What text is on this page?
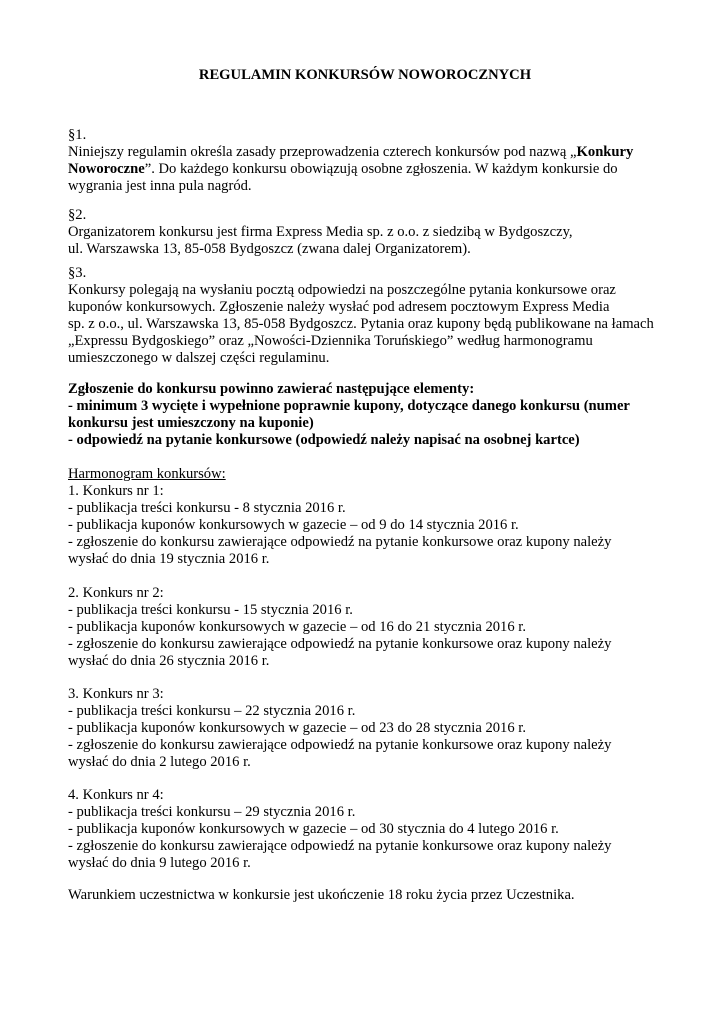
REGULAMIN KONKURSÓW NOWOROCZNYCH
§1.
Niniejszy regulamin określa zasady przeprowadzenia czterech konkursów pod nazwą „Konkury
Noworoczne”. Do każdego konkursu obowiązują osobne zgłoszenia. W każdym konkursie do
wygrania jest inna pula nagród.
§2.
Organizatorem konkursu jest firma Express Media sp. z o.o. z siedzibą w Bydgoszczy,
ul. Warszawska 13, 85-058 Bydgoszcz (zwana dalej Organizatorem).
§3.
Konkursy polegają na wysłaniu pocztą odpowiedzi na poszczególne pytania konkursowe oraz
kuponów konkursowych. Zgłoszenie należy wysłać pod adresem pocztowym Express Media
sp. z o.o., ul. Warszawska 13, 85-058 Bydgoszcz. Pytania oraz kupony będą publikowane na łamach
„Expressu Bydgoskiego” oraz „Nowości-Dziennika Toruńskiego” według harmonogramu
umieszczonego w dalszej części regulaminu.
Zgłoszenie do konkursu powinno zawierać następujące elementy:
- minimum 3 wycięte i wypełnione poprawnie kupony, dotyczące danego konkursu (numer
konkursu jest umieszczony na kuponie)
- odpowiedź na pytanie konkursowe (odpowiedź należy napisać na osobnej kartce)
Harmonogram konkursów:
1. Konkurs nr 1:
- publikacja treści konkursu - 8 stycznia 2016 r.
- publikacja kuponów konkursowych w gazecie – od 9 do 14 stycznia 2016 r.
- zgłoszenie do konkursu zawierające odpowiedź na pytanie konkursowe oraz kupony należy
wysłać do dnia 19 stycznia 2016 r.
2. Konkurs nr 2:
- publikacja treści konkursu - 15 stycznia 2016 r.
- publikacja kuponów konkursowych w gazecie – od 16 do 21 stycznia 2016 r.
- zgłoszenie do konkursu zawierające odpowiedź na pytanie konkursowe oraz kupony należy
wysłać do dnia 26 stycznia 2016 r.
3. Konkurs nr 3:
- publikacja treści konkursu – 22 stycznia 2016 r.
- publikacja kuponów konkursowych w gazecie – od 23 do 28 stycznia 2016 r.
- zgłoszenie do konkursu zawierające odpowiedź na pytanie konkursowe oraz kupony należy
wysłać do dnia 2 lutego 2016 r.
4. Konkurs nr 4:
- publikacja treści konkursu – 29 stycznia 2016 r.
- publikacja kuponów konkursowych w gazecie – od 30 stycznia do 4 lutego 2016 r.
- zgłoszenie do konkursu zawierające odpowiedź na pytanie konkursowe oraz kupony należy
wysłać do dnia 9 lutego 2016 r.
Warunkiem uczestnictwa w konkursie jest ukończenie 18 roku życia przez Uczestnika.
